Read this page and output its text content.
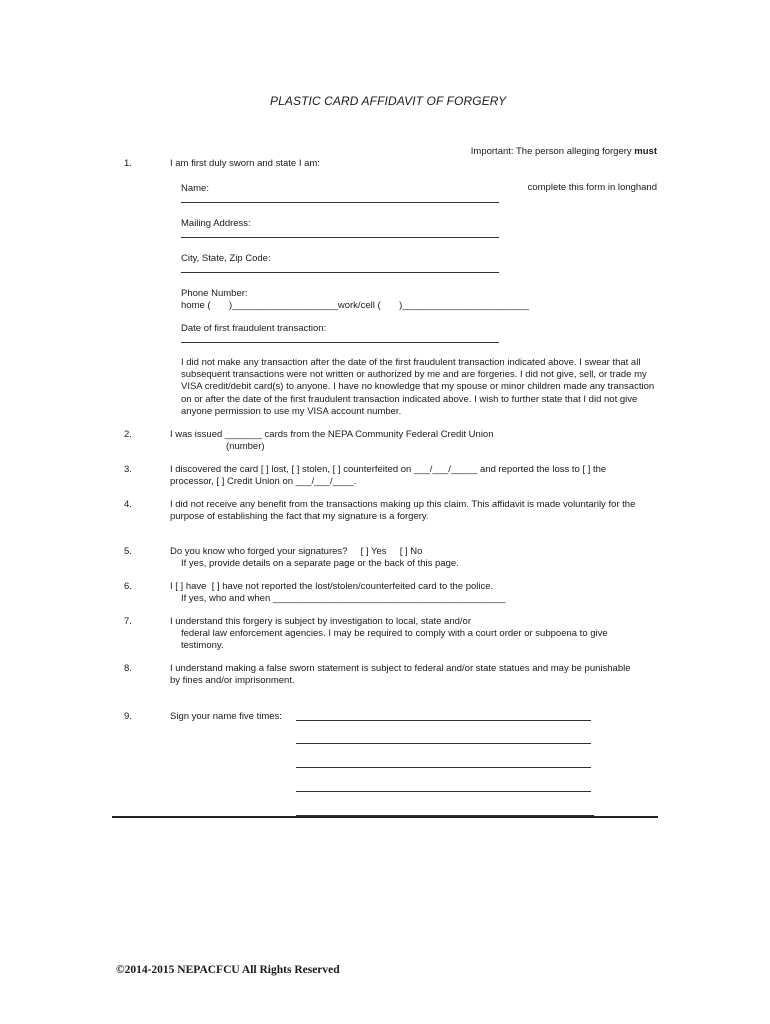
PLASTIC CARD AFFIDAVIT OF FORGERY

Important: The person alleging forgery must

complete this form in longhand

1.	I am first duly sworn and state I am:
Name:
Mailing Address:
City, State, Zip Code:
Phone Number:
home (       )____________________work/cell (       )________________________
Date of first fraudulent transaction:
I did not make any transaction after the date of the first fraudulent transaction indicated above. I swear that all subsequent transactions were not written or authorized by me and are forgeries. I did not give, sell, or trade my VISA credit/debit card(s) to anyone. I have no knowledge that my spouse or minor children made any transaction on or after the date of the first fraudulent transaction indicated above. I wish to further state that I did not give anyone permission to use my VISA account number.
2.	I was issued _______ cards from the NEPA Community Federal Credit Union
(number)
3.	I discovered the card [ ] lost, [ ] stolen, [ ] counterfeited on ___/___/_____ and reported the loss to [ ] the
processor, [ ] Credit Union on ___/___/____.
4.	I did not receive any benefit from the transactions making up this claim. This affidavit is made voluntarily for the
purpose of establishing the fact that my signature is a forgery.
5.	Do you know who forged your signatures?     [ ] Yes     [ ] No
If yes, provide details on a separate page or the back of this page.
6.	I [ ] have  [ ] have not reported the lost/stolen/counterfeited card to the police.
If yes, who and when ____________________________________________
7.	I understand this forgery is subject by investigation to local, state and/or
federal law enforcement agencies. I may be required to comply with a court order or subpoena to give
testimony.
8.	I understand making a false sworn statement is subject to federal and/or state statues and may be punishable
by fines and/or imprisonment.
9.	Sign your name five times:
©2014-2015 NEPACFCU All Rights Reserved
